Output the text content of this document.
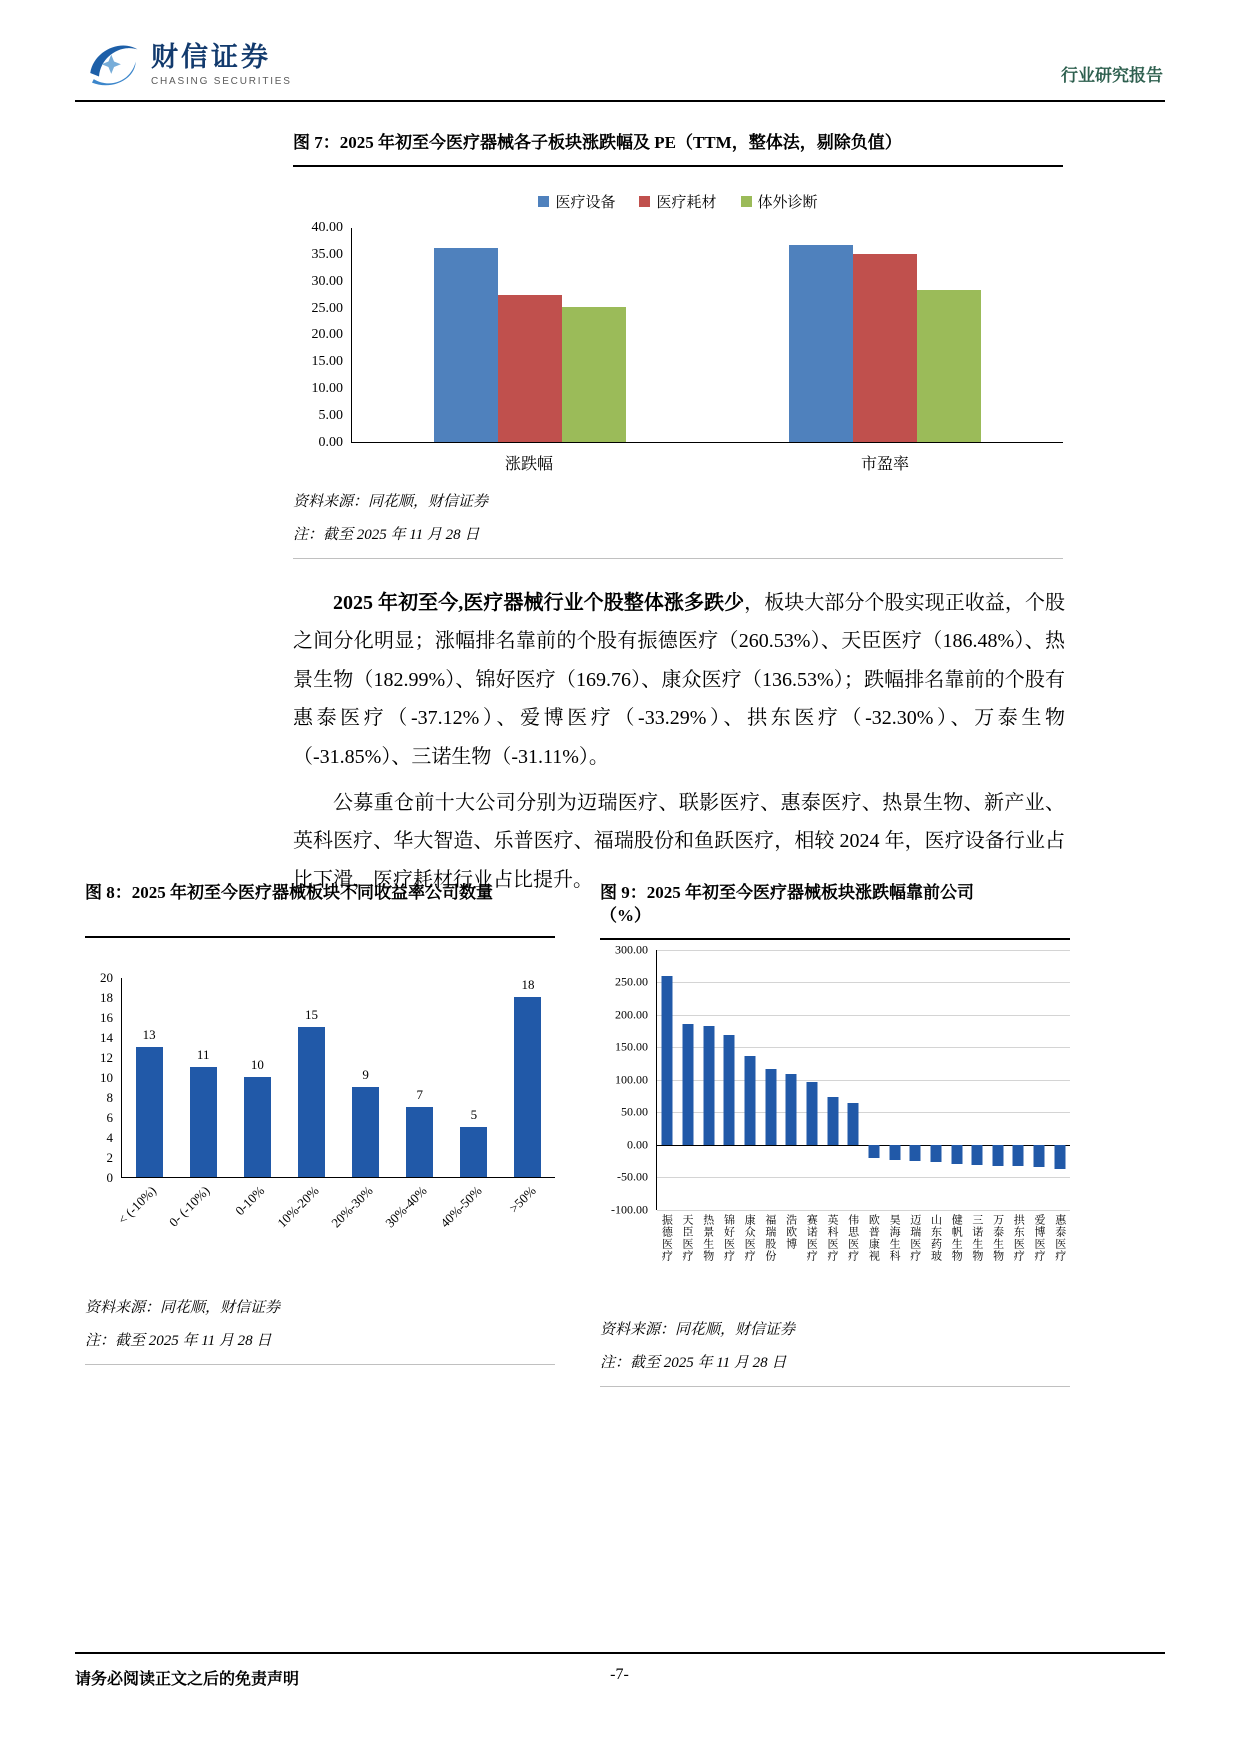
财信证券
CHASING SECURITIES	行业研究报告
图 7：2025 年初至今医疗器械各子板块涨跌幅及 PE（TTM，整体法，剔除负值）
医疗设备	医疗耗材	体外诊断
40.00
35.00
30.00
25.00
20.00
15.00
10.00
5.00
0.00
涨跌幅	市盈率
资料来源：同花顺，财信证券
注：截至 2025 年 11 月 28 日

2025 年初至今,医疗器械行业个股整体涨多跌少，板块大部分个股实现正收益，个股之间分化明显；涨幅排名靠前的个股有振德医疗（260.53%）、天臣医疗（186.48%）、热景生物（182.99%）、锦好医疗（169.76）、康众医疗（136.53%）；跌幅排名靠前的个股有惠泰医疗（-37.12%）、爱博医疗（-33.29%）、拱东医疗（-32.30%）、万泰生物（-31.85%）、三诺生物（-31.11%）。

公募重仓前十大公司分别为迈瑞医疗、联影医疗、惠泰医疗、热景生物、新产业、英科医疗、华大智造、乐普医疗、福瑞股份和鱼跃医疗，相较 2024 年，医疗设备行业占比下滑，医疗耗材行业占比提升。

图 8：2025 年初至今医疗器械板块不同收益率公司数量
20
18
16
14
12
10
8
6
4
2
0
13
11
10
15
9
7
5
18
< (-10%) 0- (-10%) 0-10% 10%-20% 20%-30% 30%-40% 40%-50% >50%
资料来源：同花顺，财信证券
注：截至 2025 年 11 月 28 日
图 9：2025 年初至今医疗器械板块涨跌幅靠前公司（%）
300.00
250.00
200.00
150.00
100.00
50.00
0.00
-50.00
-100.00
振德医疗 天臣医疗 热景生物 锦好医疗 康众医疗 福瑞股份 浩欧博 赛诺医疗 英科医疗 伟思医疗 欧普康视 昊海生科 迈瑞医疗 山东药玻 健帆生物 三诺生物 万泰生物 拱东医疗 爱博医疗 惠泰医疗
资料来源：同花顺，财信证券
注：截至 2025 年 11 月 28 日
请务必阅读正文之后的免责声明	-7-
